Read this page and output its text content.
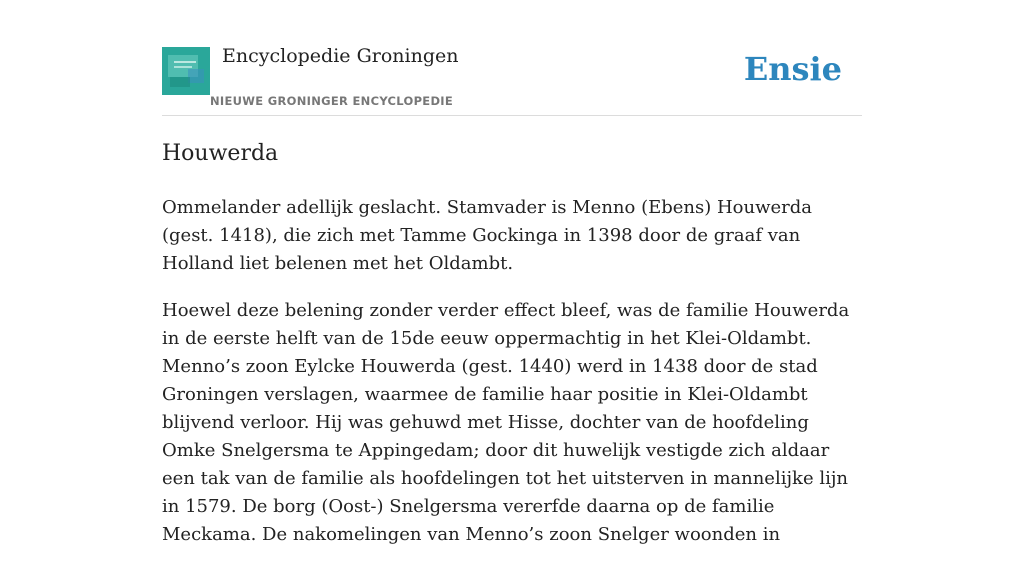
Encyclopedie Groningen
NIEUWE GRONINGER ENCYCLOPEDIE
Ensie
Houwerda

Ommelander adellijk geslacht. Stamvader is Menno (Ebens) Houwerda (gest. 1418), die zich met Tamme Gockinga in 1398 door de graaf van Holland liet belenen met het Oldambt.

Hoewel deze belening zonder verder effect bleef, was de familie Houwerda in de eerste helft van de 15de eeuw oppermachtig in het Klei-Oldambt. Menno’s zoon Eylcke Houwerda (gest. 1440) werd in 1438 door de stad Groningen verslagen, waarmee de familie haar positie in Klei-Oldambt blijvend verloor. Hij was gehuwd met Hisse, dochter van de hoofdeling Omke Snelgersma te Appingedam; door dit huwelijk vestigde zich aldaar een tak van de familie als hoofdelingen tot het uitsterven in mannelijke lijn in 1579. De borg (Oost-) Snelgersma vererfde daarna op de familie Meckama. De nakomelingen van Menno’s zoon Snelger woonden in
